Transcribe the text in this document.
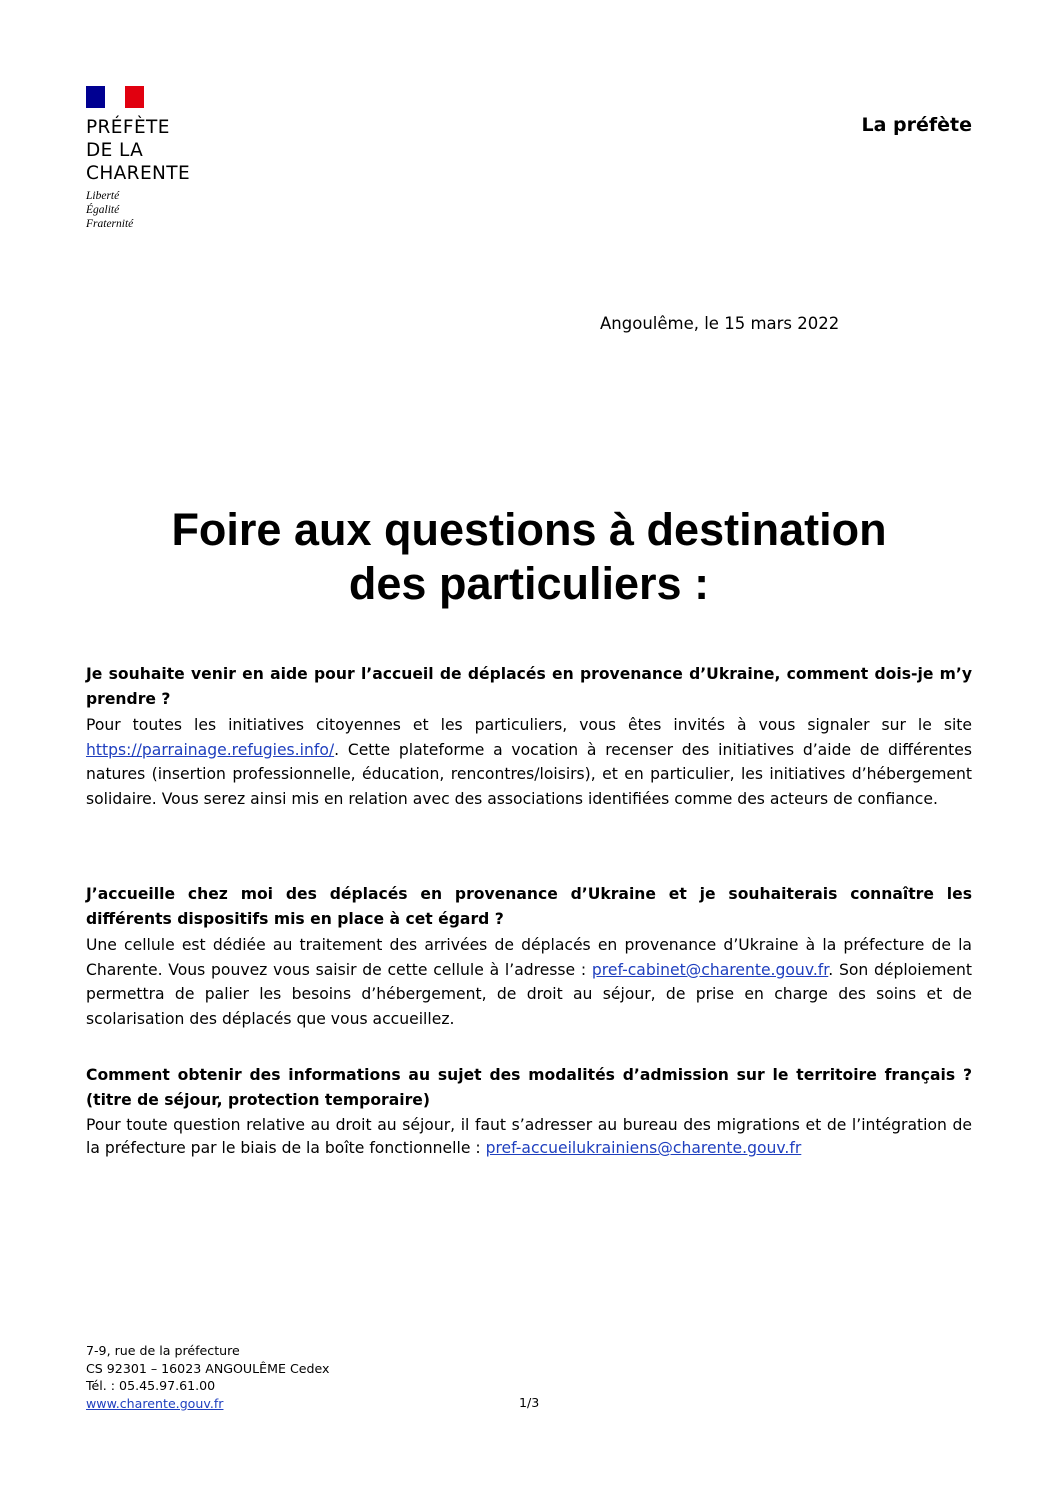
PRÉFÈTE
DE LA
CHARENTE
Liberté
Égalité
Fraternité
La préfète
Angoulême, le 15 mars 2022
Foire aux questions à destination
des particuliers :

Je souhaite venir en aide pour l’accueil de déplacés en provenance d’Ukraine, comment dois-je m’y prendre ?

Pour toutes les initiatives citoyennes et les particuliers, vous êtes invités à vous signaler sur le site https://parrainage.refugies.info/. Cette plateforme a vocation à recenser des initiatives d’aide de différentes natures (insertion professionnelle, éducation, rencontres/loisirs), et en particulier, les initiatives d’hébergement solidaire. Vous serez ainsi mis en relation avec des associations identifiées comme des acteurs de confiance.

J’accueille chez moi des déplacés en provenance d’Ukraine et je souhaiterais connaître les différents dispositifs mis en place à cet égard ?

Une cellule est dédiée au traitement des arrivées de déplacés en provenance d’Ukraine à la préfecture de la Charente. Vous pouvez vous saisir de cette cellule à l’adresse : pref-cabinet@charente.gouv.fr. Son déploiement permettra de palier les besoins d’hébergement, de droit au séjour, de prise en charge des soins et de scolarisation des déplacés que vous accueillez.

Comment obtenir des informations au sujet des modalités d’admission sur le territoire français ? (titre de séjour, protection temporaire)

Pour toute question relative au droit au séjour, il faut s’adresser au bureau des migrations et de l’intégration de la préfecture par le biais de la boîte fonctionnelle : pref-accueilukrainiens@charente.gouv.fr

7-9, rue de la préfecture
CS 92301 – 16023 ANGOULÊME Cedex
Tél. : 05.45.97.61.00
www.charente.gouv.fr	1/3
